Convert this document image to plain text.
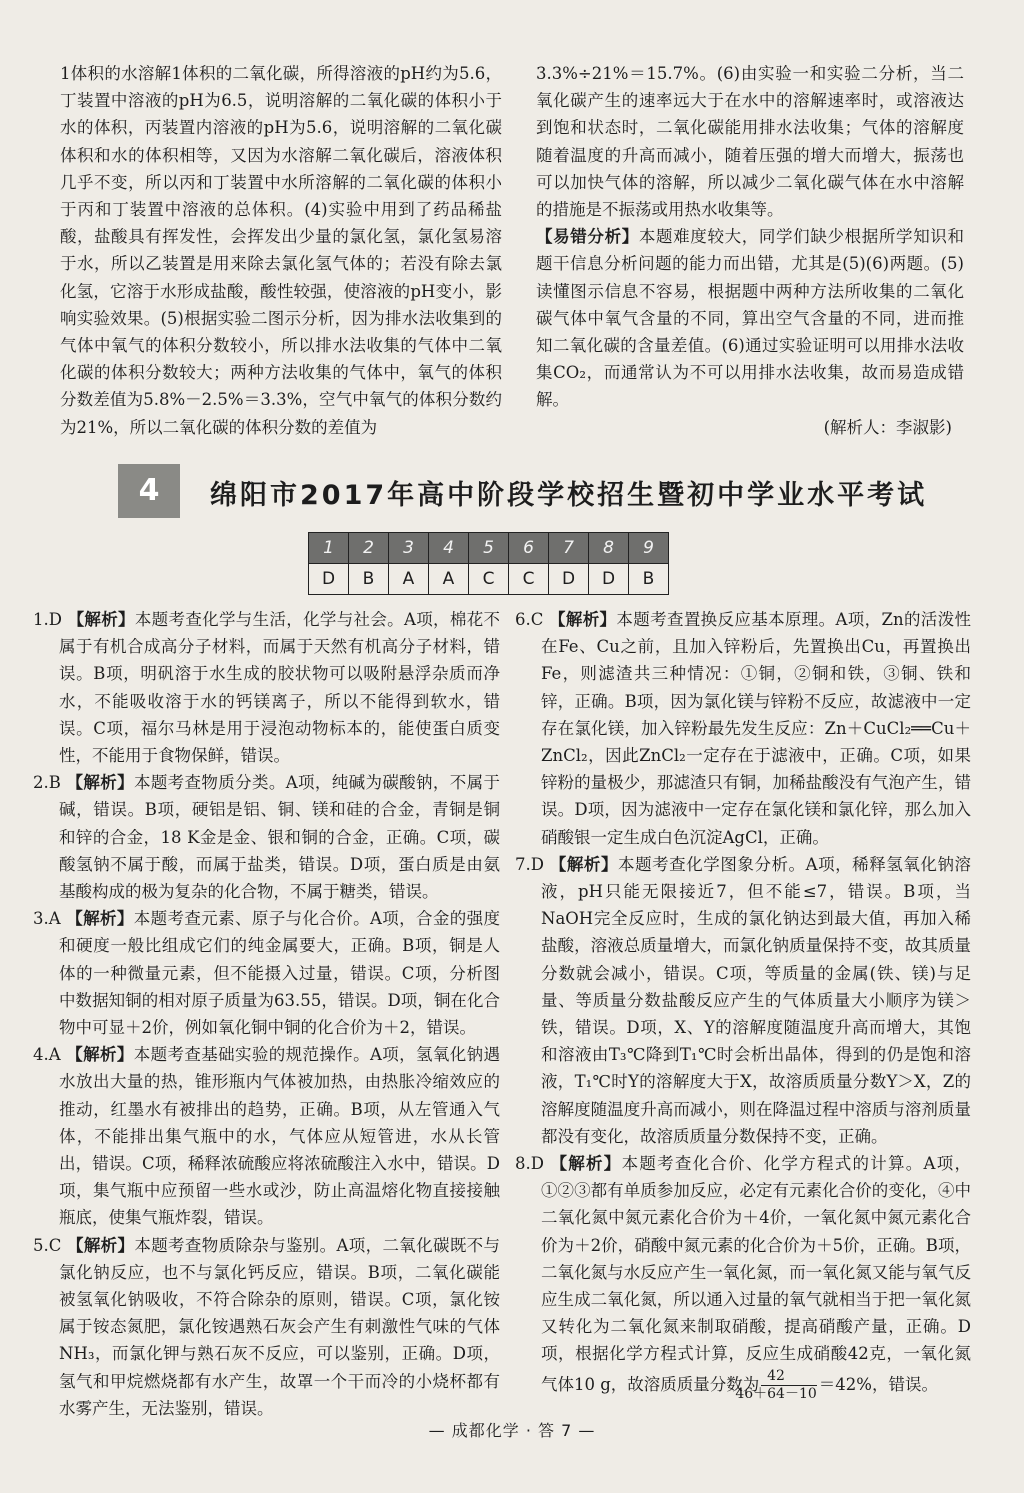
1体积的水溶解1体积的二氧化碳，所得溶液的pH约为5.6，丁装置中溶液的pH为6.5，说明溶解的二氧化碳的体积小于水的体积，丙装置内溶液的pH为5.6，说明溶解的二氧化碳体积和水的体积相等，又因为水溶解二氧化碳后，溶液体积几乎不变，所以丙和丁装置中水所溶解的二氧化碳的体积小于丙和丁装置中溶液的总体积。(4)实验中用到了药品稀盐酸，盐酸具有挥发性，会挥发出少量的氯化氢，氯化氢易溶于水，所以乙装置是用来除去氯化氢气体的；若没有除去氯化氢，它溶于水形成盐酸，酸性较强，使溶液的pH变小，影响实验效果。(5)根据实验二图示分析，因为排水法收集到的气体中氧气的体积分数较小，所以排水法收集的气体中二氧化碳的体积分数较大；两种方法收集的气体中，氧气的体积分数差值为5.8%－2.5%＝3.3%，空气中氧气的体积分数约为21%，所以二氧化碳的体积分数的差值为

3.3%÷21%＝15.7%。(6)由实验一和实验二分析，当二氧化碳产生的速率远大于在水中的溶解速率时，或溶液达到饱和状态时，二氧化碳能用排水法收集；气体的溶解度随着温度的升高而减小，随着压强的增大而增大，振荡也可以加快气体的溶解，所以减少二氧化碳气体在水中溶解的措施是不振荡或用热水收集等。

【易错分析】本题难度较大，同学们缺少根据所学知识和题干信息分析问题的能力而出错，尤其是(5)(6)两题。(5)读懂图示信息不容易，根据题中两种方法所收集的二氧化碳气体中氧气含量的不同，算出空气含量的不同，进而推知二氧化碳的含量差值。(6)通过实验证明可以用排水法收集CO₂，而通常认为不可以用排水法收集，故而易造成错解。

(解析人：李淑影)

4	绵阳市2017年高中阶段学校招生暨初中学业水平考试
1	2	3	4	5	6	7	8	9
D	B	A	A	C	C	D	D	B

1.D 【解析】本题考查化学与生活，化学与社会。A项，棉花不属于有机合成高分子材料，而属于天然有机高分子材料，错误。B项，明矾溶于水生成的胶状物可以吸附悬浮杂质而净水，不能吸收溶于水的钙镁离子，所以不能得到软水，错误。C项，福尔马林是用于浸泡动物标本的，能使蛋白质变性，不能用于食物保鲜，错误。

2.B 【解析】本题考查物质分类。A项，纯碱为碳酸钠，不属于碱，错误。B项，硬铝是铝、铜、镁和硅的合金，青铜是铜和锌的合金，18 K金是金、银和铜的合金，正确。C项，碳酸氢钠不属于酸，而属于盐类，错误。D项，蛋白质是由氨基酸构成的极为复杂的化合物，不属于糖类，错误。

3.A 【解析】本题考查元素、原子与化合价。A项，合金的强度和硬度一般比组成它们的纯金属要大，正确。B项，铜是人体的一种微量元素，但不能摄入过量，错误。C项，分析图中数据知铜的相对原子质量为63.55，错误。D项，铜在化合物中可显＋2价，例如氧化铜中铜的化合价为＋2，错误。

4.A 【解析】本题考查基础实验的规范操作。A项，氢氧化钠遇水放出大量的热，锥形瓶内气体被加热，由热胀冷缩效应的推动，红墨水有被排出的趋势，正确。B项，从左管通入气体，不能排出集气瓶中的水，气体应从短管进，水从长管出，错误。C项，稀释浓硫酸应将浓硫酸注入水中，错误。D项，集气瓶中应预留一些水或沙，防止高温熔化物直接接触瓶底，使集气瓶炸裂，错误。

5.C 【解析】本题考查物质除杂与鉴别。A项，二氧化碳既不与氯化钠反应，也不与氯化钙反应，错误。B项，二氧化碳能被氢氧化钠吸收，不符合除杂的原则，错误。C项，氯化铵属于铵态氮肥，氯化铵遇熟石灰会产生有刺激性气味的气体NH₃，而氯化钾与熟石灰不反应，可以鉴别，正确。D项，氢气和甲烷燃烧都有水产生，故罩一个干而冷的小烧杯都有水雾产生，无法鉴别，错误。

6.C 【解析】本题考查置换反应基本原理。A项，Zn的活泼性在Fe、Cu之前，且加入锌粉后，先置换出Cu，再置换出Fe，则滤渣共三种情况：①铜，②铜和铁，③铜、铁和锌，正确。B项，因为氯化镁与锌粉不反应，故滤液中一定存在氯化镁，加入锌粉最先发生反应：Zn＋CuCl₂══Cu＋ZnCl₂，因此ZnCl₂一定存在于滤液中，正确。C项，如果锌粉的量极少，那滤渣只有铜，加稀盐酸没有气泡产生，错误。D项，因为滤液中一定存在氯化镁和氯化锌，那么加入硝酸银一定生成白色沉淀AgCl，正确。

7.D 【解析】本题考查化学图象分析。A项，稀释氢氧化钠溶液，pH只能无限接近7，但不能≤7，错误。B项，当NaOH完全反应时，生成的氯化钠达到最大值，再加入稀盐酸，溶液总质量增大，而氯化钠质量保持不变，故其质量分数就会减小，错误。C项，等质量的金属(铁、镁)与足量、等质量分数盐酸反应产生的气体质量大小顺序为镁＞铁，错误。D项，X、Y的溶解度随温度升高而增大，其饱和溶液由T₃℃降到T₁℃时会析出晶体，得到的仍是饱和溶液，T₁℃时Y的溶解度大于X，故溶质质量分数Y＞X，Z的溶解度随温度升高而减小，则在降温过程中溶质与溶剂质量都没有变化，故溶质质量分数保持不变，正确。

8.D 【解析】本题考查化合价、化学方程式的计算。A项，①②③都有单质参加反应，必定有元素化合价的变化，④中二氧化氮中氮元素化合价为＋4价，一氧化氮中氮元素化合价为＋2价，硝酸中氮元素的化合价为＋5价，正确。B项，二氧化氮与水反应产生一氧化氮，而一氧化氮又能与氧气反应生成二氧化氮，所以通入过量的氧气就相当于把一氧化氮又转化为二氧化氮来制取硝酸，提高硝酸产量，正确。D项，根据化学方程式计算，反应生成硝酸42克，一氧化氮气体10 g，故溶质质量分数为 $\frac{42}{46+64-10} =42\%$，错误。

— 成都化学 · 答 7 —
